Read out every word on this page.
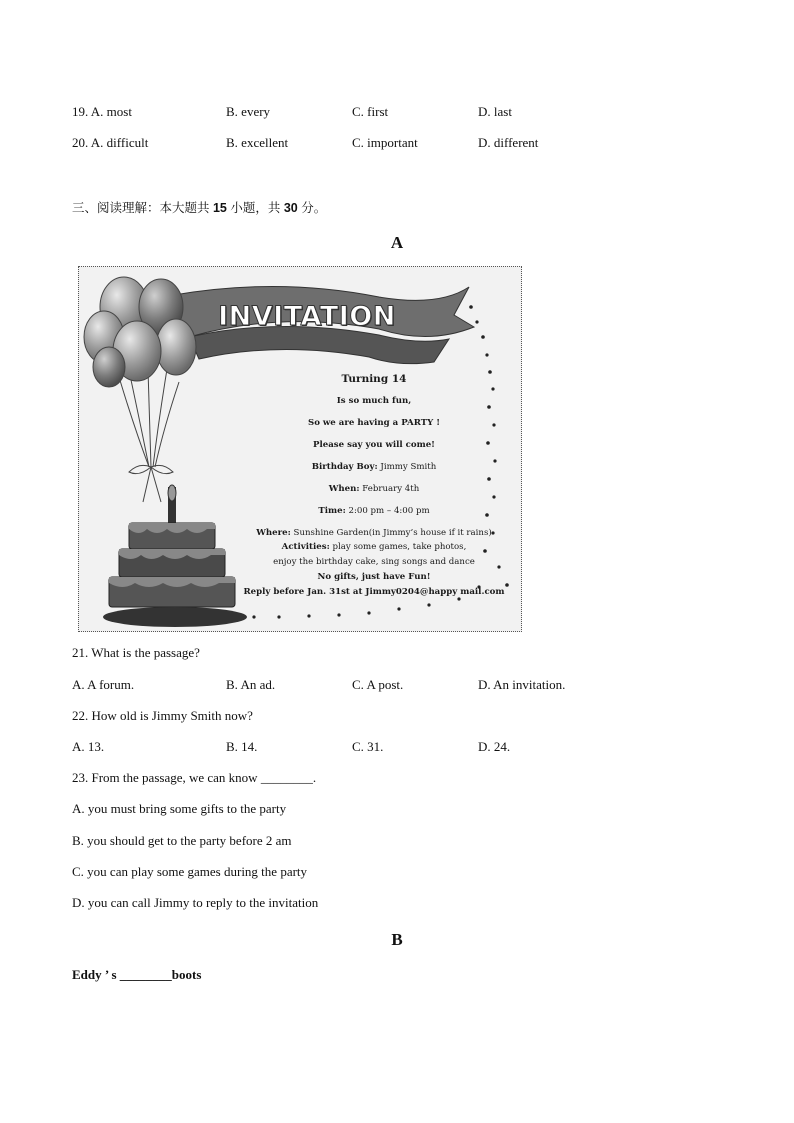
19. A. most	B. every	C. first	D. last
20. A. difficult	B. excellent	C. important	D. different
三、阅读理解：本大题共 15 小题，共 30 分。
A
INVITATION
Turning 14
Is so much fun,
So we are having a PARTY !
Please say you will come!
Birthday Boy: Jimmy Smith
When: February 4th
Time: 2:00 pm – 4:00 pm
Where: Sunshine Garden(in Jimmy’s house if it rains)
Activities: play some games, take photos,
enjoy the birthday cake, sing songs and dance
No gifts, just have Fun!
Reply before Jan. 31st at Jimmy0204@happy mail.com
21. What is the passage?
A. A forum.	B. An ad.	C. A post.	D. An invitation.
22. How old is Jimmy Smith now?
A. 13.	B. 14.	C. 31.	D. 24.
23. From the passage, we can know ________.
A. you must bring some gifts to the party
B. you should get to the party before 2 am
C. you can play some games during the party
D. you can call Jimmy to reply to the invitation
B
Eddy ’ s ________boots
